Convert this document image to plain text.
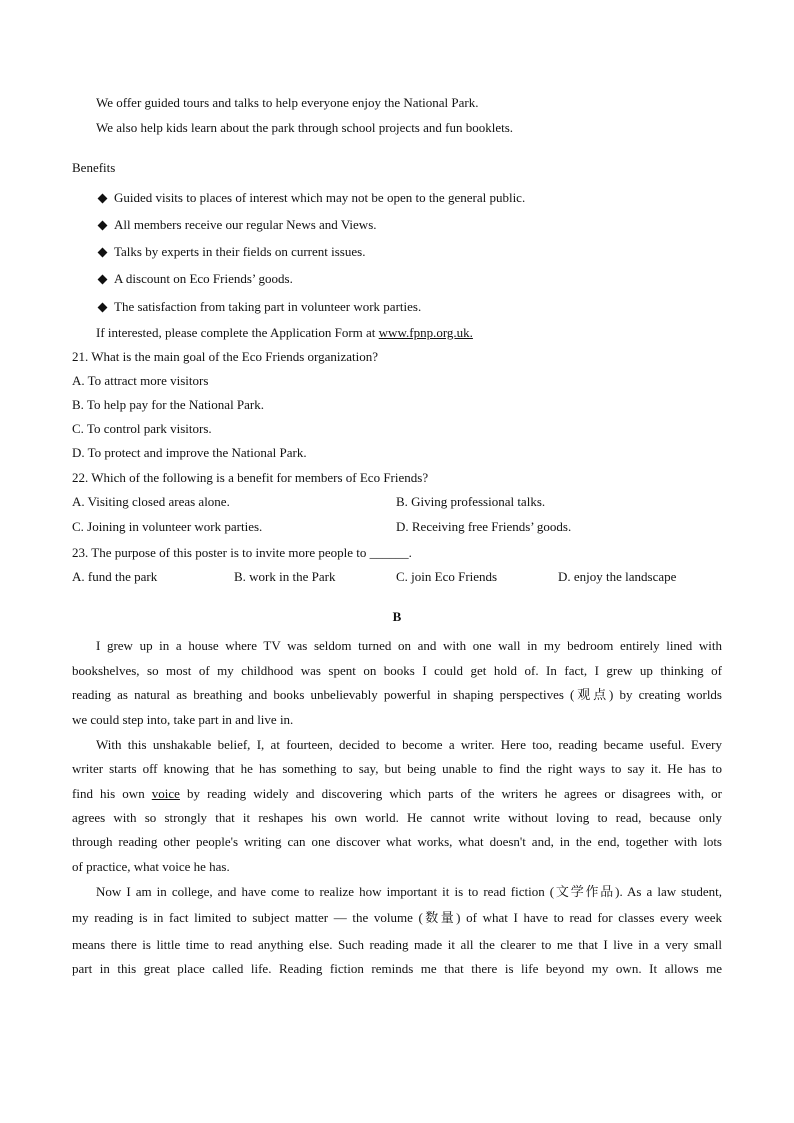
We offer guided tours and talks to help everyone enjoy the National Park.
We also help kids learn about the park through school projects and fun booklets.
Benefits
Guided visits to places of interest which may not be open to the general public.
All members receive our regular News and Views.
Talks by experts in their fields on current issues.
A discount on Eco Friends’ goods.
The satisfaction from taking part in volunteer work parties.
If interested, please complete the Application Form at www.fpnp.org.uk.
21. What is the main goal of the Eco Friends organization?
A. To attract more visitors
B. To help pay for the National Park.
C. To control park visitors.
D. To protect and improve the National Park.
22. Which of the following is a benefit for members of Eco Friends?
A. Visiting closed areas alone.	B. Giving professional talks.
C. Joining in volunteer work parties.	D. Receiving free Friends’ goods.
23. The purpose of this poster is to invite more people to ______.
A. fund the park	B. work in the Park	C. join Eco Friends	D. enjoy the landscape
B
I grew up in a house where TV was seldom turned on and with one wall in my bedroom entirely lined with
bookshelves, so most of my childhood was spent on books I could get hold of. In fact, I grew up thinking of
reading as natural as breathing and books unbelievably powerful in shaping perspectives (观点) by creating worlds
we could step into, take part in and live in.
With this unshakable belief, I, at fourteen, decided to become a writer. Here too, reading became useful. Every
writer starts off knowing that he has something to say, but being unable to find the right ways to say it. He has to
find his own voice by reading widely and discovering which parts of the writers he agrees or disagrees with, or
agrees with so strongly that it reshapes his own world. He cannot write without loving to read, because only
through reading other people's writing can one discover what works, what doesn't and, in the end, together with lots
of practice, what voice he has.
Now I am in college, and have come to realize how important it is to read fiction (文学作品). As a law student,
my reading is in fact limited to subject matter — the volume (数量) of what I have to read for classes every week
means there is little time to read anything else. Such reading made it all the clearer to me that I live in a very small
part in this great place called life. Reading fiction reminds me that there is life beyond my own. It allows me
